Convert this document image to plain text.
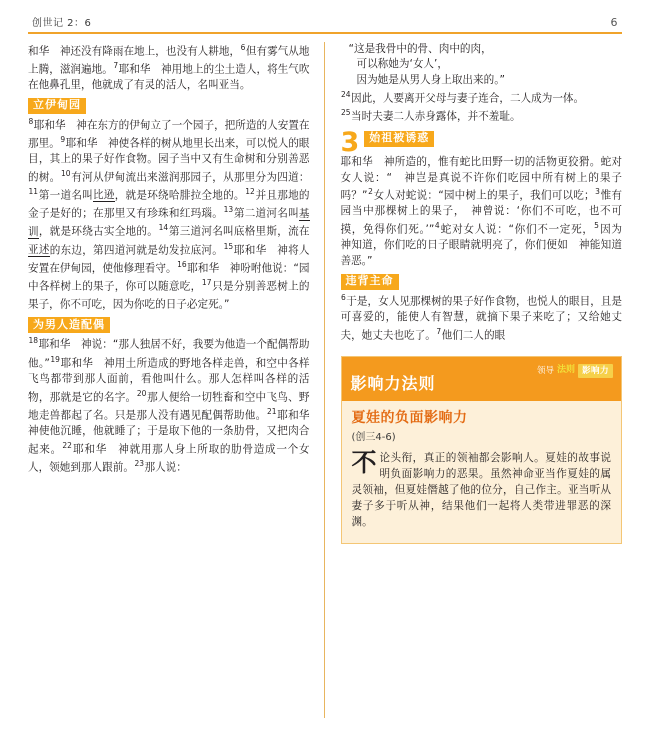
创世记 2：6	6

和华　神还没有降雨在地上，也没有人耕地，$^6$但有雾气从地上腾，滋润遍地。$^7$耶和华　神用地上的尘土造人，将生气吹在他鼻孔里，他就成了有灵的活人，名叫亚当。

立伊甸园

$^8$耶和华　神在东方的伊甸立了一个园子，把所造的人安置在那里。$^9$耶和华　神使各样的树从地里长出来，可以悦人的眼目，其上的果子好作食物。园子当中又有生命树和分别善恶的树。$^{10}$有河从伊甸流出来滋润那园子，从那里分为四道：$^{11}$第一道名叫比逊，就是环绕哈腓拉全地的。$^{12}$并且那地的金子是好的；在那里又有珍珠和红玛瑙。$^{13}$第二道河名叫基训，就是环绕古实全地的。$^{14}$第三道河名叫底格里斯，流在亚述的东边，第四道河就是幼发拉底河。$^{15}$耶和华　神将人安置在伊甸园，使他修理看守。$^{16}$耶和华　神吩咐他说：“园中各样树上的果子，你可以随意吃，$^{17}$只是分别善恶树上的果子，你不可吃，因为你吃的日子必定死。”

为男人造配偶

$^{18}$耶和华　神说：“那人独居不好，我要为他造一个配偶帮助他。”$^{19}$耶和华　神用土所造成的野地各样走兽，和空中各样飞鸟都带到那人面前，看他叫什么。那人怎样叫各样的活物，那就是它的名字。$^{20}$那人便给一切牲畜和空中飞鸟、野地走兽都起了名。只是那人没有遇见配偶帮助他。$^{21}$耶和华　神使他沉睡，他就睡了；于是取下他的一条肋骨，又把肉合起来。$^{22}$耶和华　神就用那人身上所取的肋骨造成一个女人，领她到那人跟前。$^{23}$那人说：

“这是我骨中的骨、肉中的肉，

可以称她为‘女人’，

因为她是从男人身上取出来的。”

$^{24}$因此，人要离开父母与妻子连合，二人成为一体。

$^{25}$当时夫妻二人赤身露体，并不羞耻。

3 始祖被诱惑

耶和华　神所造的，惟有蛇比田野一切的活物更狡猾。蛇对女人说：“　神岂是真说不许你们吃园中所有树上的果子吗？”$^2$女人对蛇说：“园中树上的果子，我们可以吃；$^3$惟有园当中那棵树上的果子，　神曾说：‘你们不可吃，也不可摸，免得你们死。’”$^4$蛇对女人说：“你们不一定死，$^5$因为　神知道，你们吃的日子眼睛就明亮了，你们便如　神能知道善恶。”

违背主命

$^6$于是，女人见那棵树的果子好作食物，也悦人的眼目，且是可喜爱的，能使人有智慧，就摘下果子来吃了；又给她丈夫，她丈夫也吃了。$^7$他们二人的眼

领导 法则 影响力
影响力法则
夏娃的负面影响力
(创三4-6)
不论头衔，真正的领袖都会影响人。夏娃的故事说明负面影响力的恶果。虽然神命亚当作夏娃的属灵领袖，但夏娃僭越了他的位分，自己作主。亚当听从妻子多于听从神，结果他们一起将人类带进罪恶的深渊。
